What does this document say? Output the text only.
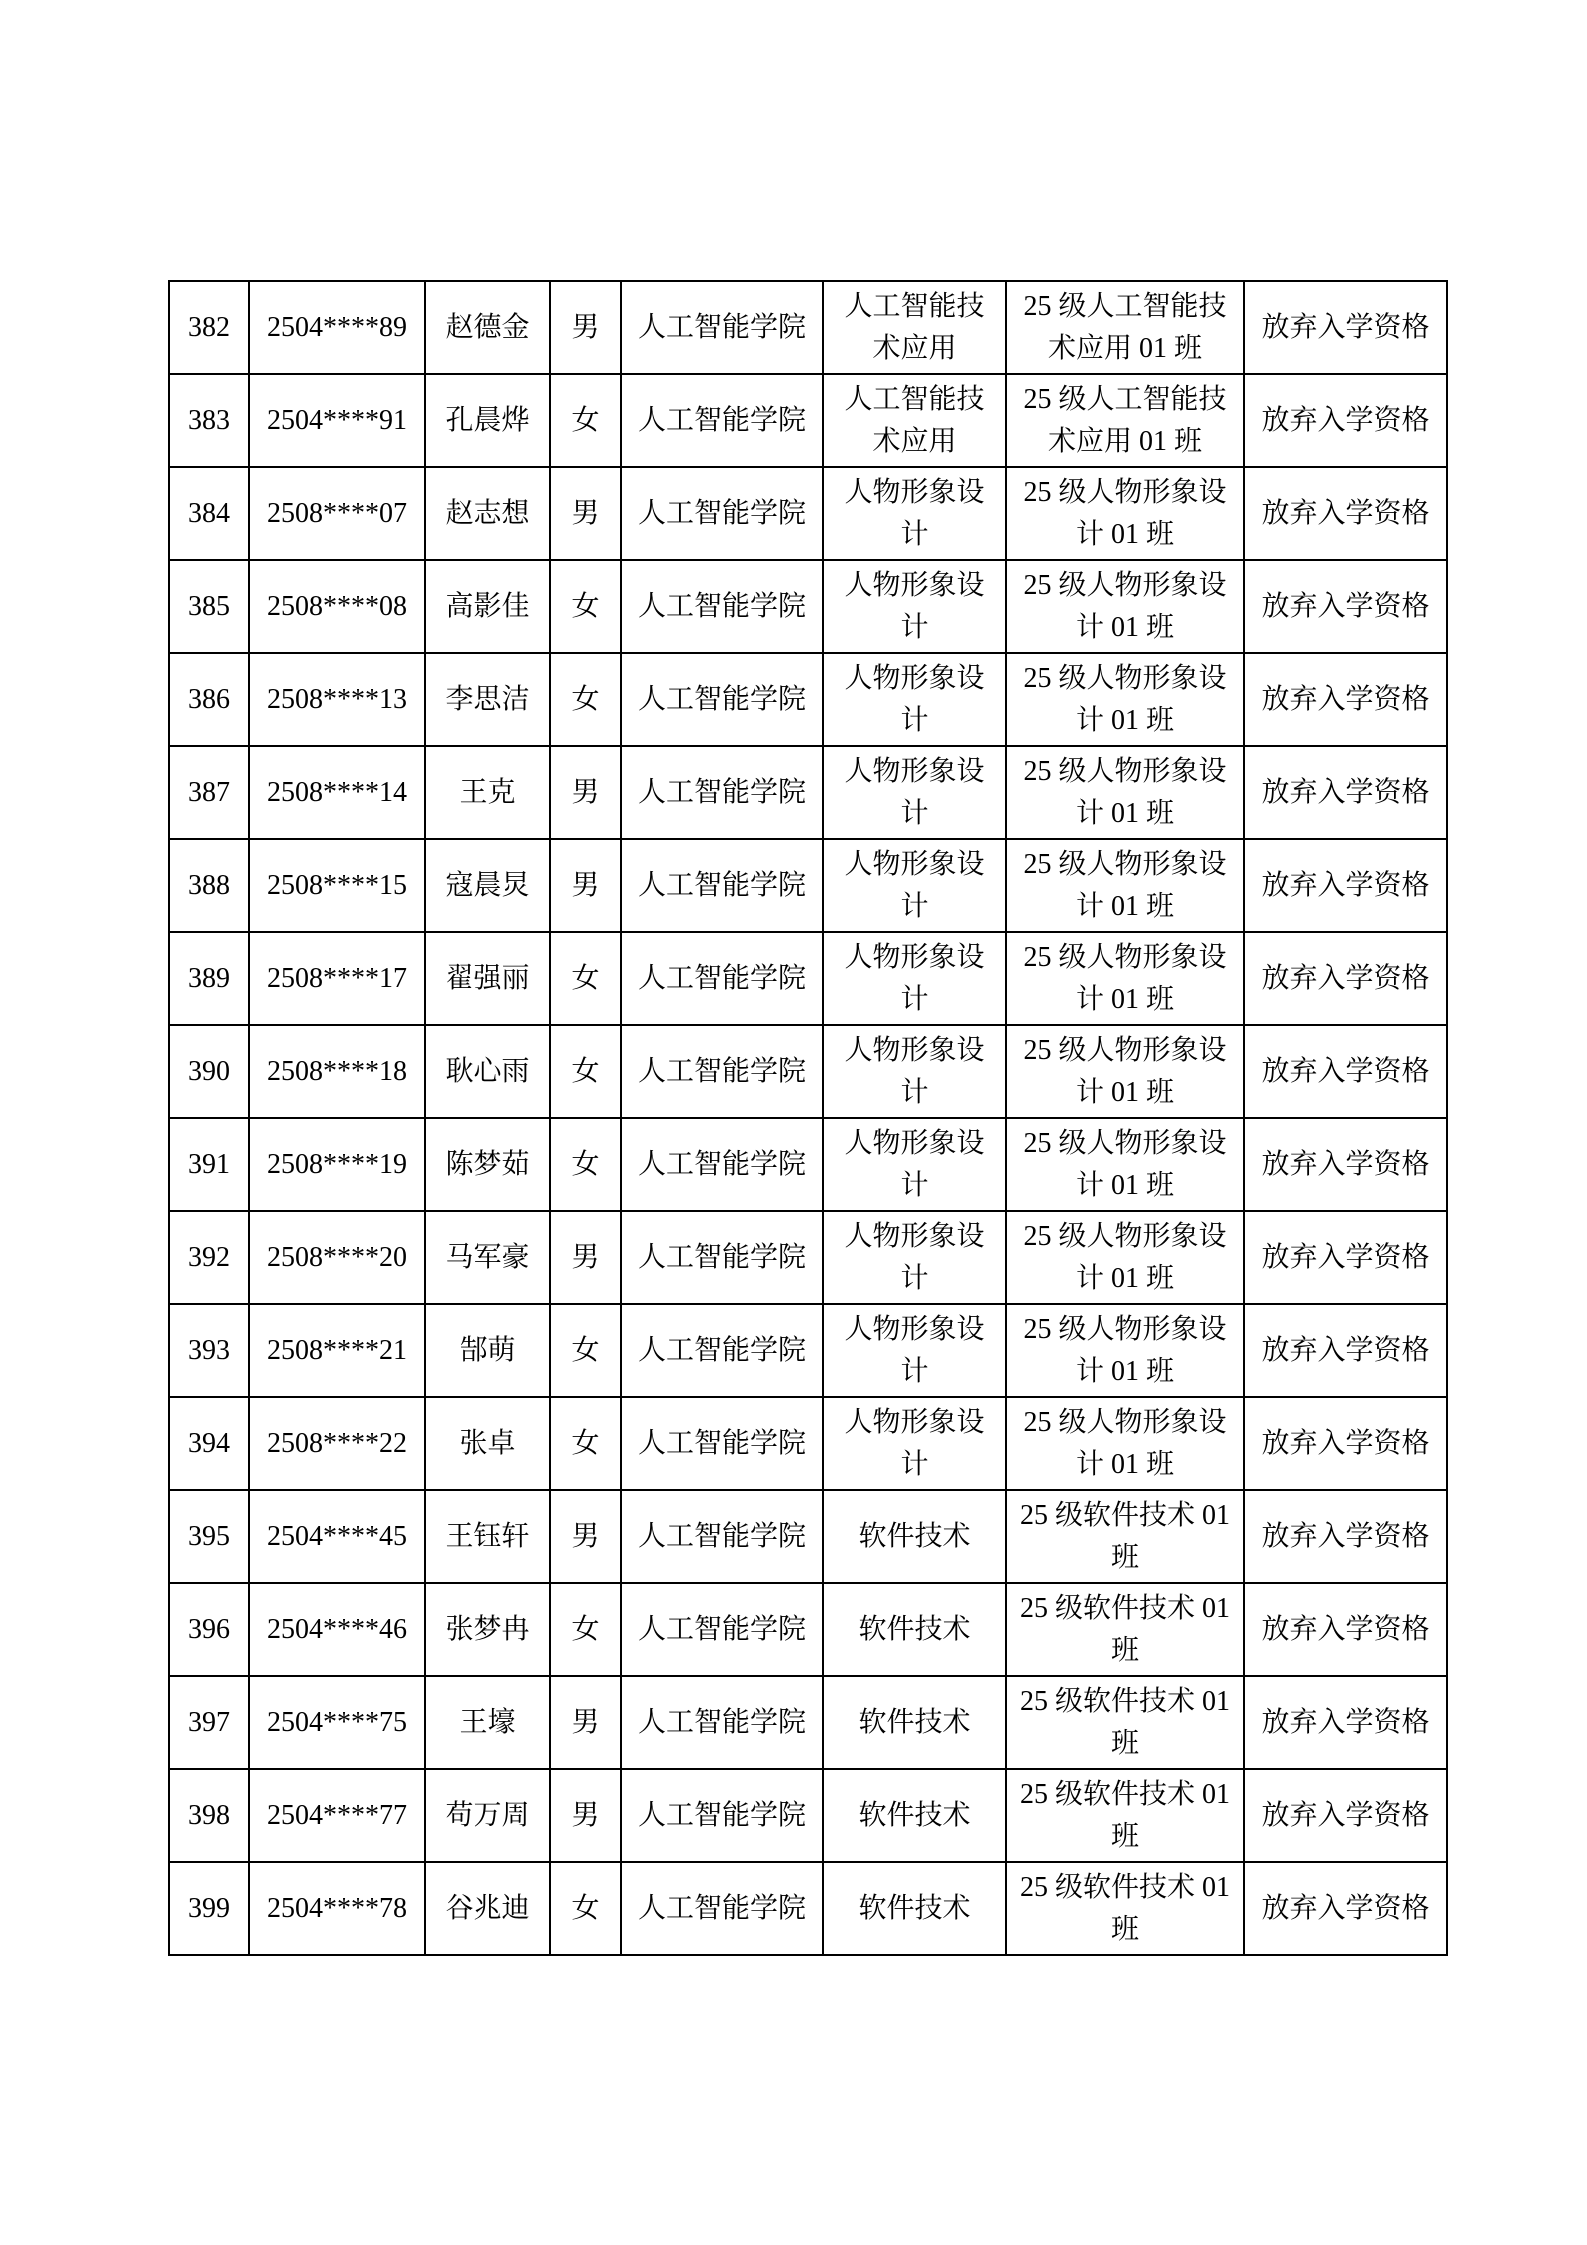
382	2504****89	赵德金	男	人工智能学院	人工智能技术应用	25 级人工智能技术应用 01 班	放弃入学资格
383	2504****91	孔晨烨	女	人工智能学院	人工智能技术应用	25 级人工智能技术应用 01 班	放弃入学资格
384	2508****07	赵志想	男	人工智能学院	人物形象设计	25 级人物形象设计 01 班	放弃入学资格
385	2508****08	高影佳	女	人工智能学院	人物形象设计	25 级人物形象设计 01 班	放弃入学资格
386	2508****13	李思洁	女	人工智能学院	人物形象设计	25 级人物形象设计 01 班	放弃入学资格
387	2508****14	王克	男	人工智能学院	人物形象设计	25 级人物形象设计 01 班	放弃入学资格
388	2508****15	寇晨炅	男	人工智能学院	人物形象设计	25 级人物形象设计 01 班	放弃入学资格
389	2508****17	翟强丽	女	人工智能学院	人物形象设计	25 级人物形象设计 01 班	放弃入学资格
390	2508****18	耿心雨	女	人工智能学院	人物形象设计	25 级人物形象设计 01 班	放弃入学资格
391	2508****19	陈梦茹	女	人工智能学院	人物形象设计	25 级人物形象设计 01 班	放弃入学资格
392	2508****20	马军豪	男	人工智能学院	人物形象设计	25 级人物形象设计 01 班	放弃入学资格
393	2508****21	郜萌	女	人工智能学院	人物形象设计	25 级人物形象设计 01 班	放弃入学资格
394	2508****22	张卓	女	人工智能学院	人物形象设计	25 级人物形象设计 01 班	放弃入学资格
395	2504****45	王钰轩	男	人工智能学院	软件技术	25 级软件技术 01 班	放弃入学资格
396	2504****46	张梦冉	女	人工智能学院	软件技术	25 级软件技术 01 班	放弃入学资格
397	2504****75	王壕	男	人工智能学院	软件技术	25 级软件技术 01 班	放弃入学资格
398	2504****77	苟万周	男	人工智能学院	软件技术	25 级软件技术 01 班	放弃入学资格
399	2504****78	谷兆迪	女	人工智能学院	软件技术	25 级软件技术 01 班	放弃入学资格
